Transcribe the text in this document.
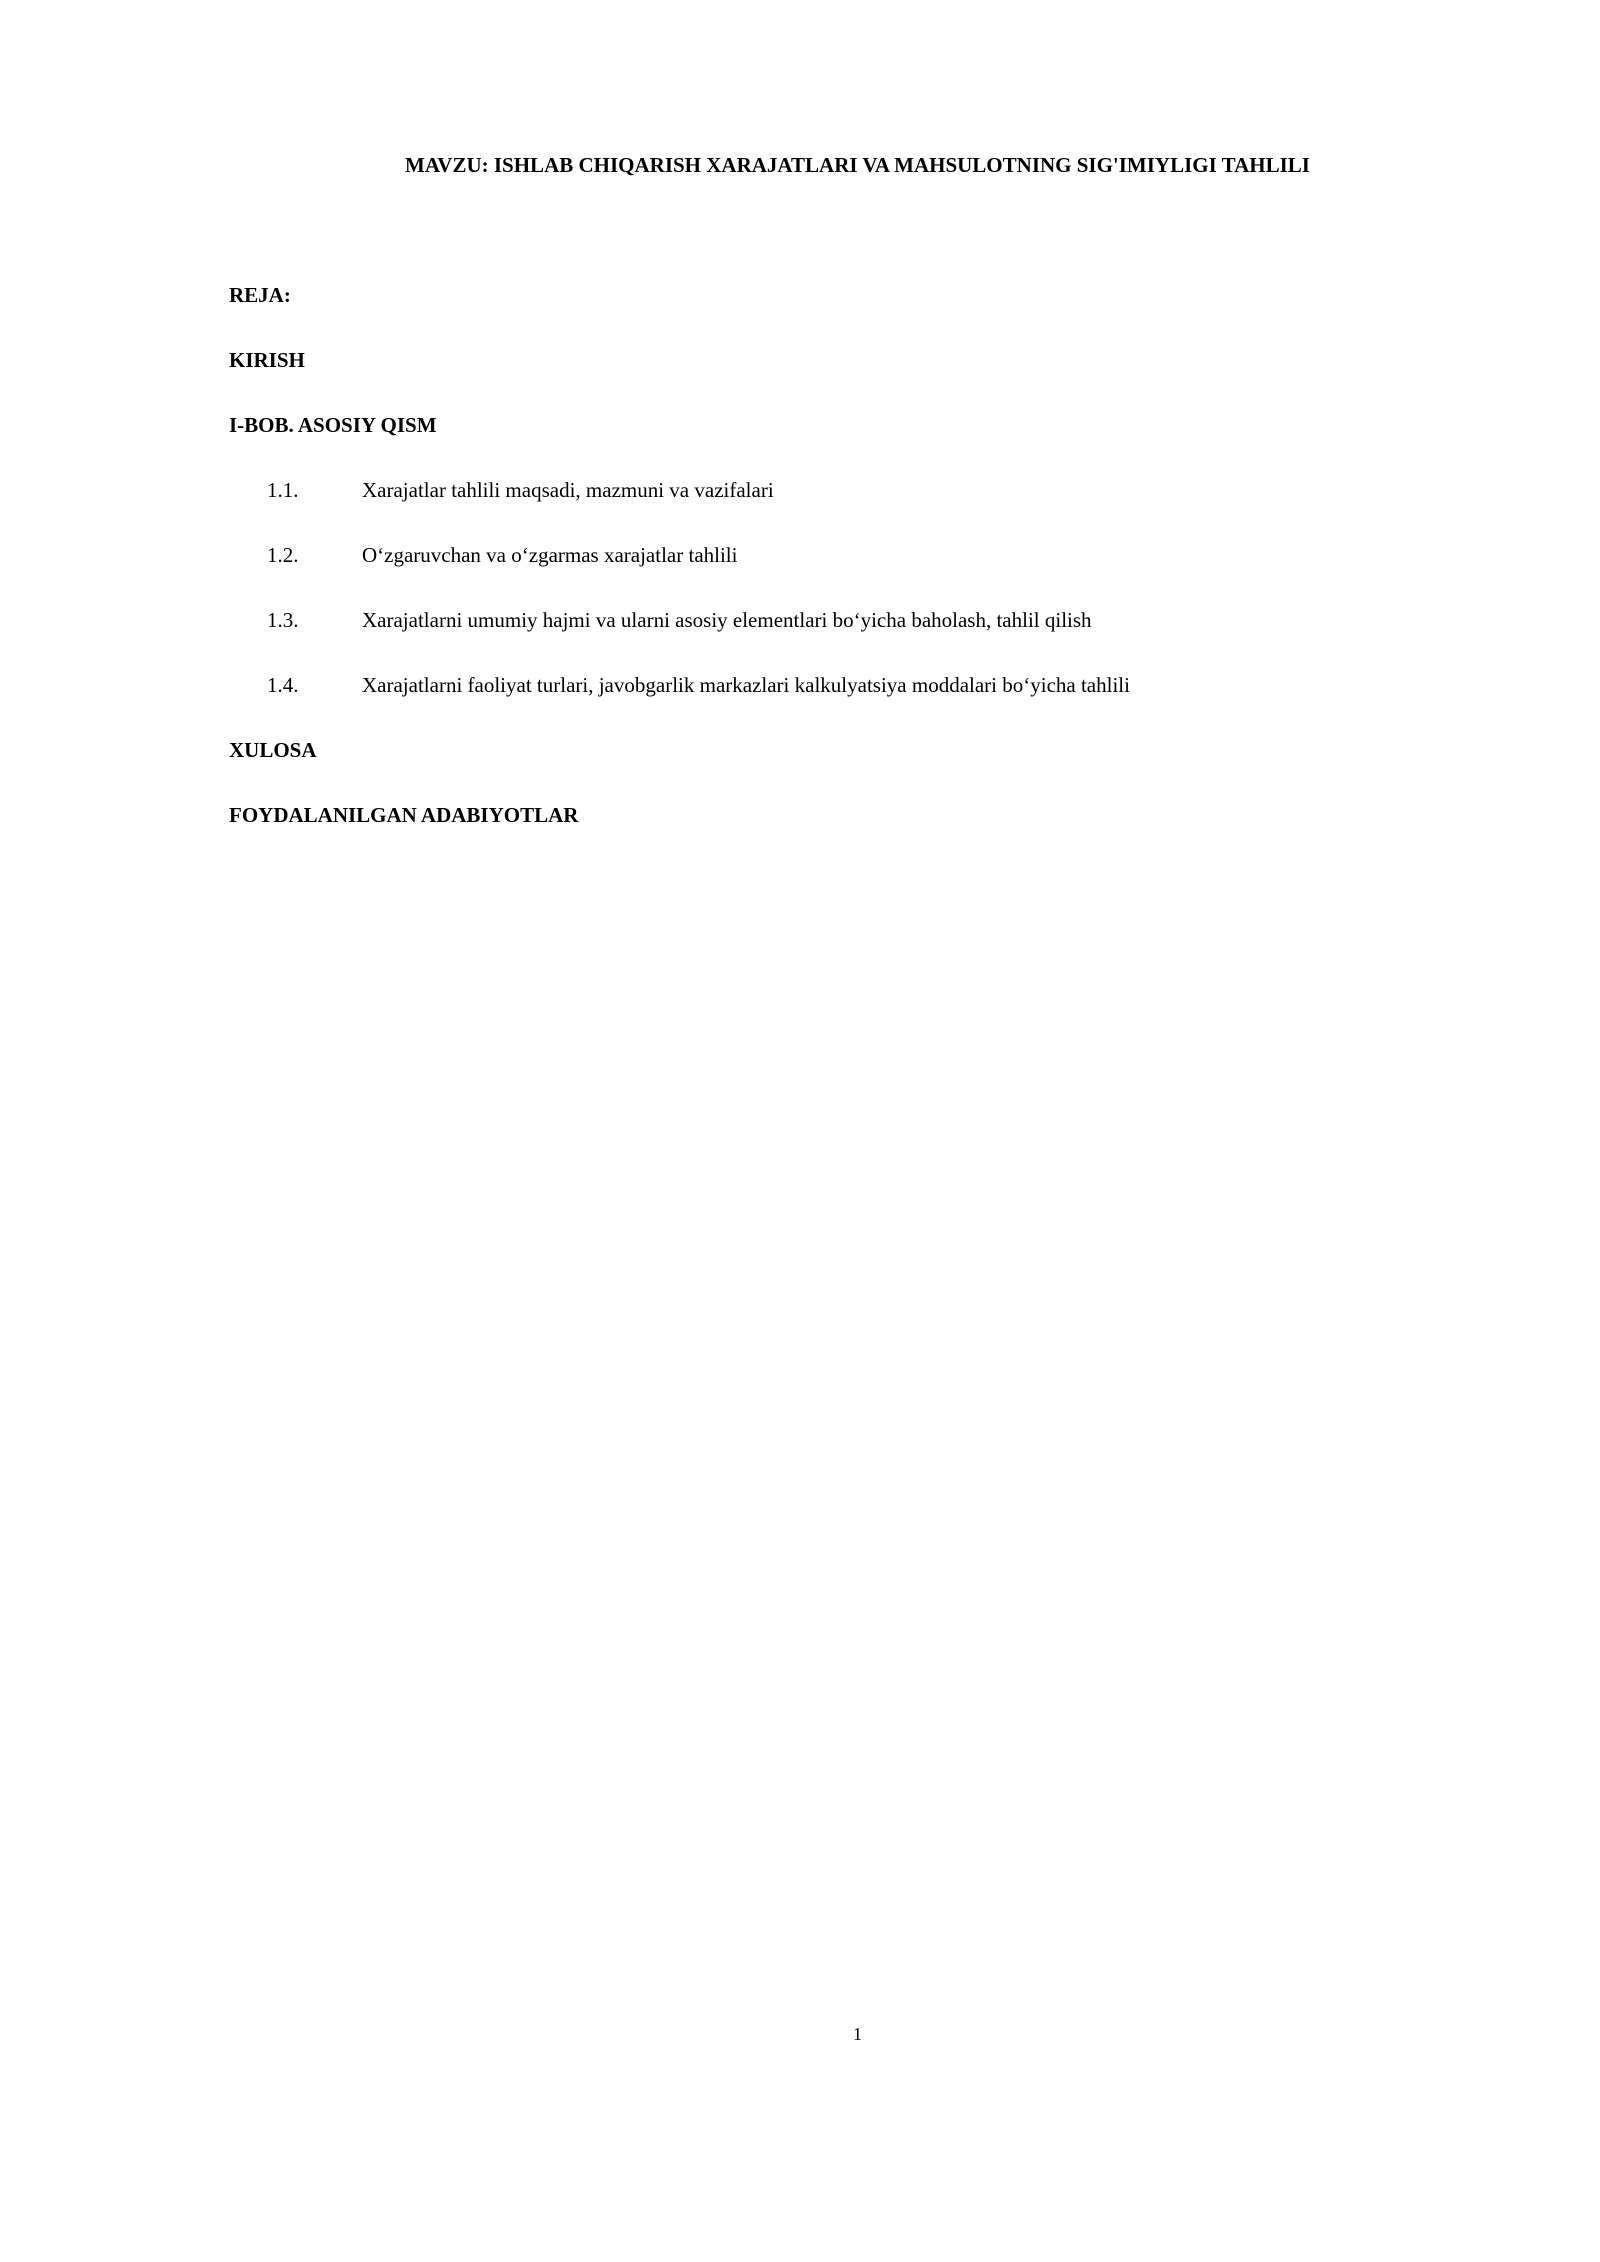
MAVZU: ISHLAB CHIQARISH XARAJATLARI VA MAHSULOTNING SIG'IMIYLIGI TAHLILI
REJA:
KIRISH
I-BOB. ASOSIY QISM
1.1.	Xarajatlar tahlili maqsadi, mazmuni va vazifalari
1.2.	O‘zgaruvchan va o‘zgarmas xarajatlar tahlili
1.3.	Xarajatlarni umumiy hajmi va ularni asosiy elementlari bo‘yicha baholash, tahlil qilish
1.4.	Xarajatlarni faoliyat turlari, javobgarlik markazlari kalkulyatsiya moddalari bo‘yicha tahlili
XULOSA
FOYDALANILGAN ADABIYOTLAR
1
